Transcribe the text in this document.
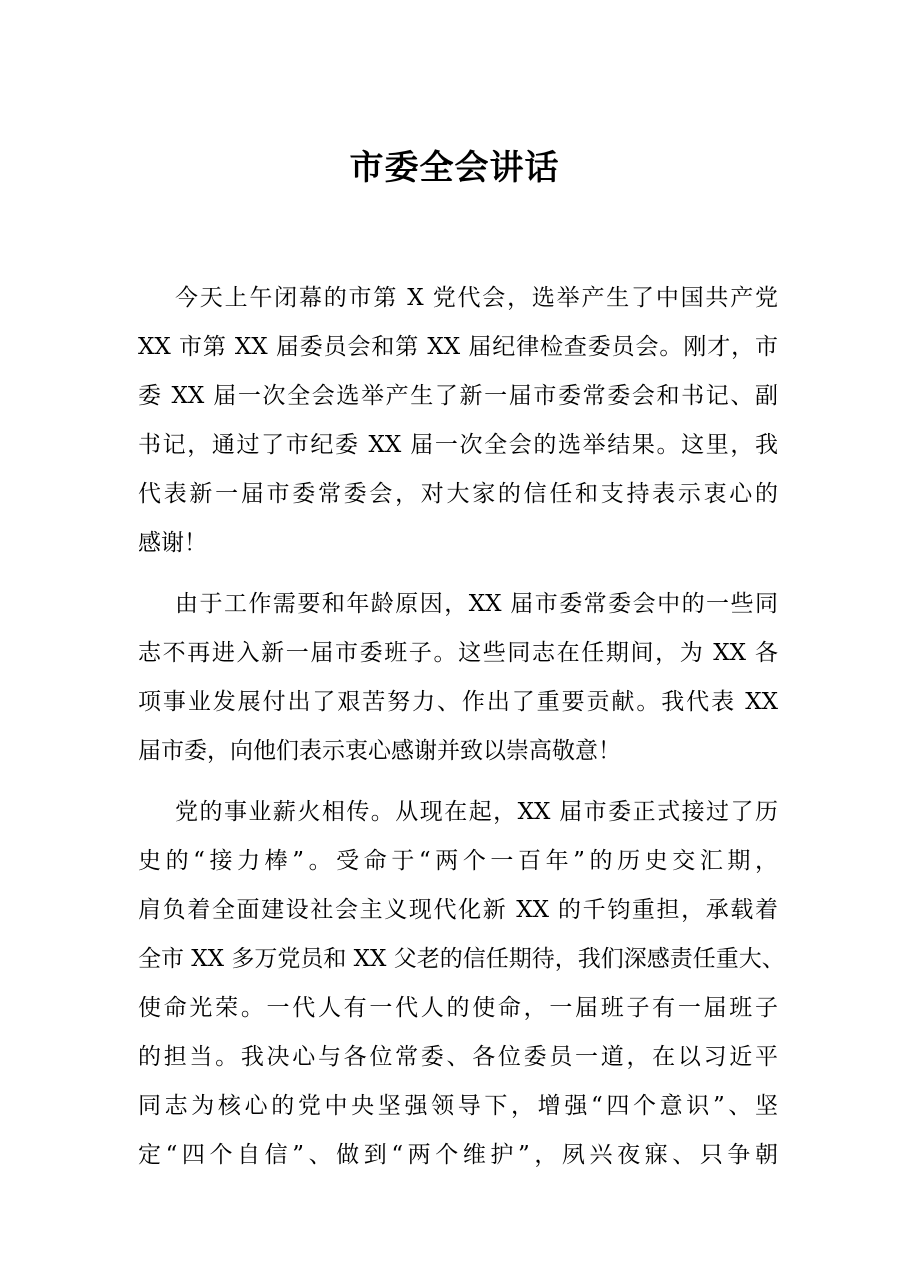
市委全会讲话
今天上午闭幕的市第 X 党代会，选举产生了中国共产党
XX 市第 XX 届委员会和第 XX 届纪律检查委员会。刚才，市
委 XX 届一次全会选举产生了新一届市委常委会和书记、副
书记，通过了市纪委 XX 届一次全会的选举结果。这里，我
代表新一届市委常委会，对大家的信任和支持表示衷心的
感谢！
由于工作需要和年龄原因，XX 届市委常委会中的一些同
志不再进入新一届市委班子。这些同志在任期间，为 XX 各
项事业发展付出了艰苦努力、作出了重要贡献。我代表 XX
届市委，向他们表示衷心感谢并致以崇高敬意！
党的事业薪火相传。从现在起，XX 届市委正式接过了历
史的“接力棒”。受命于“两个一百年”的历史交汇期，
肩负着全面建设社会主义现代化新 XX 的千钧重担，承载着
全市 XX 多万党员和 XX 父老的信任期待，我们深感责任重大、
使命光荣。一代人有一代人的使命，一届班子有一届班子
的担当。我决心与各位常委、各位委员一道，在以习近平
同志为核心的党中央坚强领导下，增强“四个意识”、坚
定“四个自信”、做到“两个维护”，夙兴夜寐、只争朝
